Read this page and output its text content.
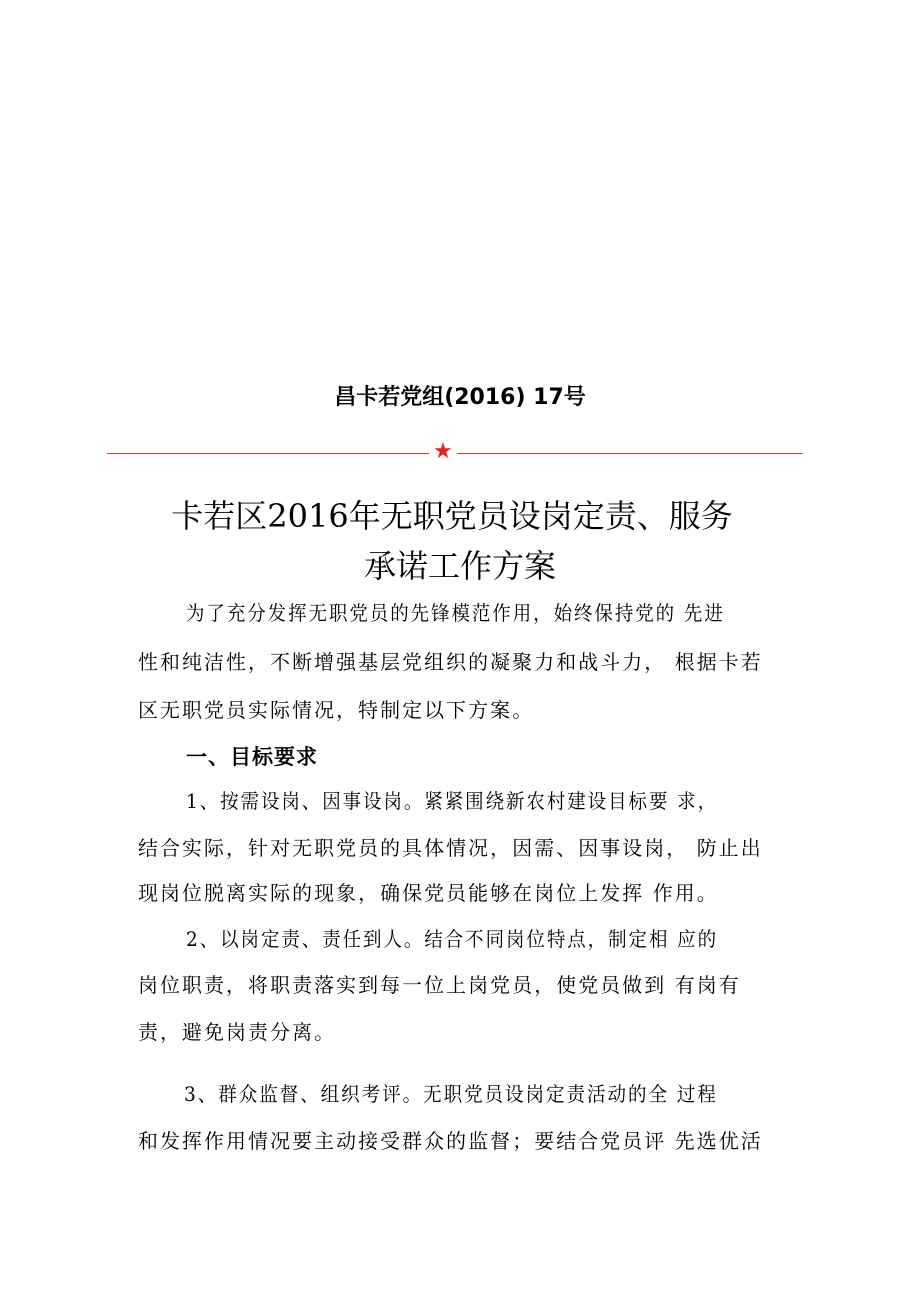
昌卡若党组(2016) 17号
★
卡若区2016年无职党员设岗定责、服务
承诺工作方案
为了充分发挥无职党员的先锋模范作用，始终保持党的 先进
性和纯洁性，不断增强基层党组织的凝聚力和战斗力， 根据卡若
区无职党员实际情况，特制定以下方案。
一、目标要求
1、按需设岗、因事设岗。紧紧围绕新农村建设目标要 求，
结合实际，针对无职党员的具体情况，因需、因事设岗， 防止出
现岗位脱离实际的现象，确保党员能够在岗位上发挥 作用。
2、以岗定责、责任到人。结合不同岗位特点，制定相 应的
岗位职责，将职责落实到每一位上岗党员，使党员做到 有岗有
责，避免岗责分离。
3、群众监督、组织考评。无职党员设岗定责活动的全 过程
和发挥作用情况要主动接受群众的监督；要结合党员评 先选优活
